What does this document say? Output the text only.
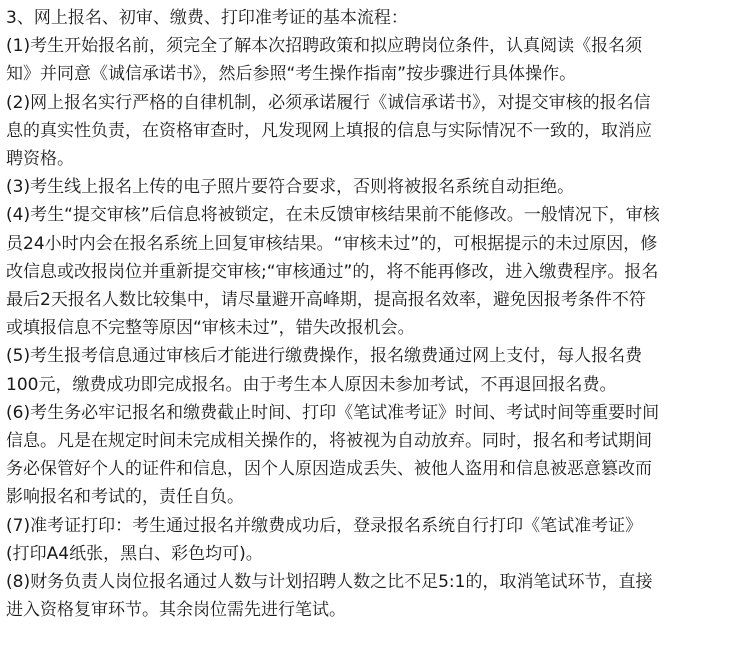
3、网上报名、初审、缴费、打印准考证的基本流程：
(1)考生开始报名前，须完全了解本次招聘政策和拟应聘岗位条件，认真阅读《报名须
知》并同意《诚信承诺书》，然后参照“考生操作指南”按步骤进行具体操作。
(2)网上报名实行严格的自律机制，必须承诺履行《诚信承诺书》，对提交审核的报名信
息的真实性负责，在资格审查时，凡发现网上填报的信息与实际情况不一致的，取消应
聘资格。
(3)考生线上报名上传的电子照片要符合要求，否则将被报名系统自动拒绝。
(4)考生“提交审核”后信息将被锁定，在未反馈审核结果前不能修改。一般情况下，审核
员24小时内会在报名系统上回复审核结果。“审核未过”的，可根据提示的未过原因，修
改信息或改报岗位并重新提交审核;“审核通过”的，将不能再修改，进入缴费程序。报名
最后2天报名人数比较集中，请尽量避开高峰期，提高报名效率，避免因报考条件不符
或填报信息不完整等原因“审核未过”，错失改报机会。
(5)考生报考信息通过审核后才能进行缴费操作，报名缴费通过网上支付，每人报名费
100元，缴费成功即完成报名。由于考生本人原因未参加考试，不再退回报名费。
(6)考生务必牢记报名和缴费截止时间、打印《笔试准考证》时间、考试时间等重要时间
信息。凡是在规定时间未完成相关操作的，将被视为自动放弃。同时，报名和考试期间
务必保管好个人的证件和信息，因个人原因造成丢失、被他人盗用和信息被恶意篡改而
影响报名和考试的，责任自负。
(7)准考证打印：考生通过报名并缴费成功后，登录报名系统自行打印《笔试准考证》
(打印A4纸张，黑白、彩色均可)。
(8)财务负责人岗位报名通过人数与计划招聘人数之比不足5:1的，取消笔试环节，直接
进入资格复审环节。其余岗位需先进行笔试。
